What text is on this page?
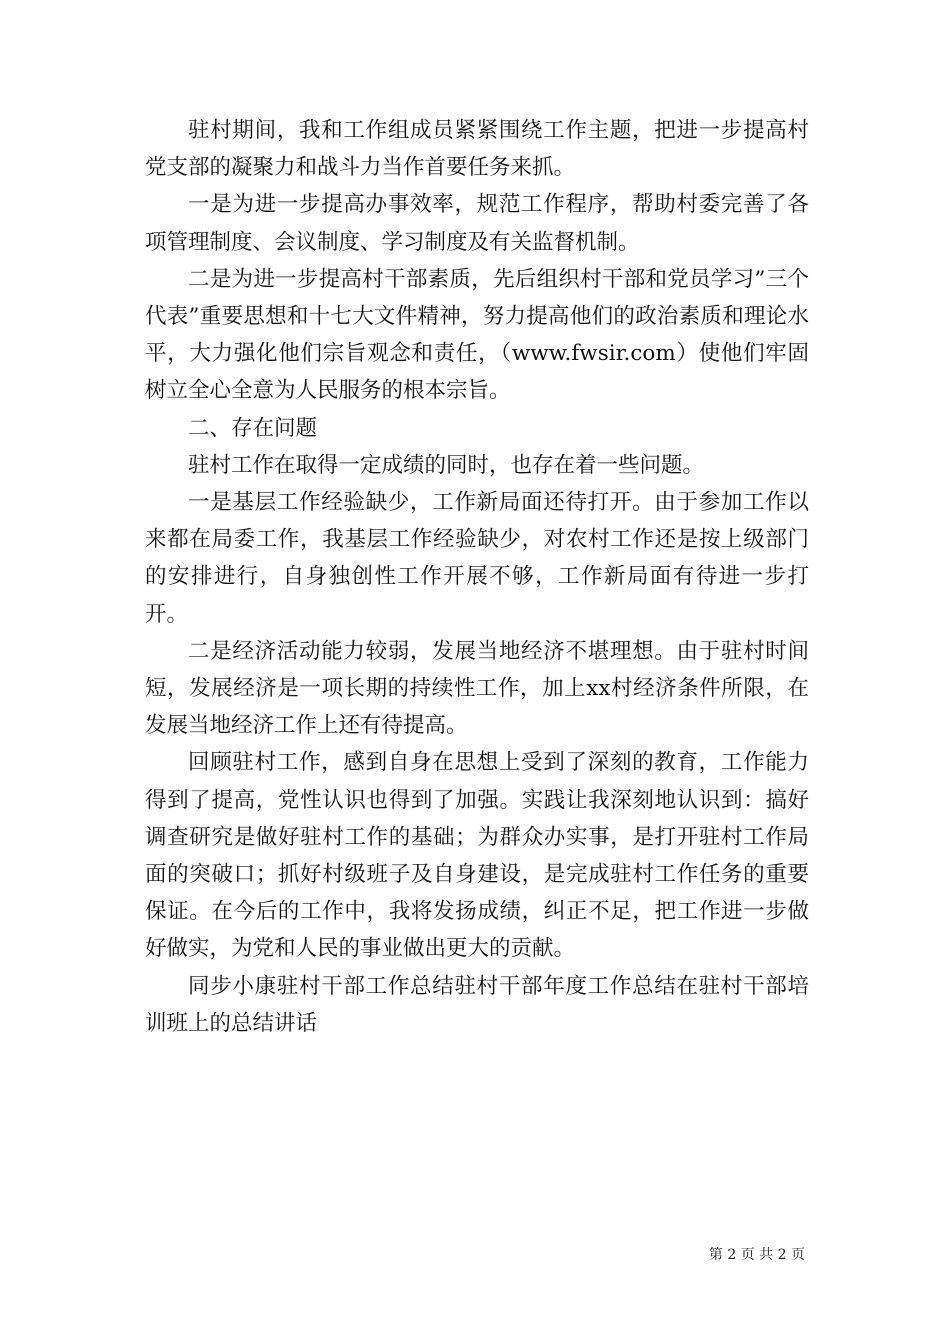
驻村期间，我和工作组成员紧紧围绕工作主题，把进一步提高村党支部的凝聚力和战斗力当作首要任务来抓。

一是为进一步提高办事效率，规范工作程序，帮助村委完善了各项管理制度、会议制度、学习制度及有关监督机制。

二是为进一步提高村干部素质，先后组织村干部和党员学习”三个代表”重要思想和十七大文件精神，努力提高他们的政治素质和理论水平，大力强化他们宗旨观念和责任，（www.fwsir.com）使他们牢固树立全心全意为人民服务的根本宗旨。

二、存在问题

驻村工作在取得一定成绩的同时，也存在着一些问题。

一是基层工作经验缺少，工作新局面还待打开。由于参加工作以来都在局委工作，我基层工作经验缺少，对农村工作还是按上级部门的安排进行，自身独创性工作开展不够，工作新局面有待进一步打开。

二是经济活动能力较弱，发展当地经济不堪理想。由于驻村时间短，发展经济是一项长期的持续性工作，加上xx村经济条件所限，在发展当地经济工作上还有待提高。

回顾驻村工作，感到自身在思想上受到了深刻的教育，工作能力得到了提高，党性认识也得到了加强。实践让我深刻地认识到：搞好调查研究是做好驻村工作的基础；为群众办实事，是打开驻村工作局面的突破口；抓好村级班子及自身建设，是完成驻村工作任务的重要保证。在今后的工作中，我将发扬成绩，纠正不足，把工作进一步做好做实，为党和人民的事业做出更大的贡献。

同步小康驻村干部工作总结驻村干部年度工作总结在驻村干部培训班上的总结讲话

第 2 页 共 2 页
